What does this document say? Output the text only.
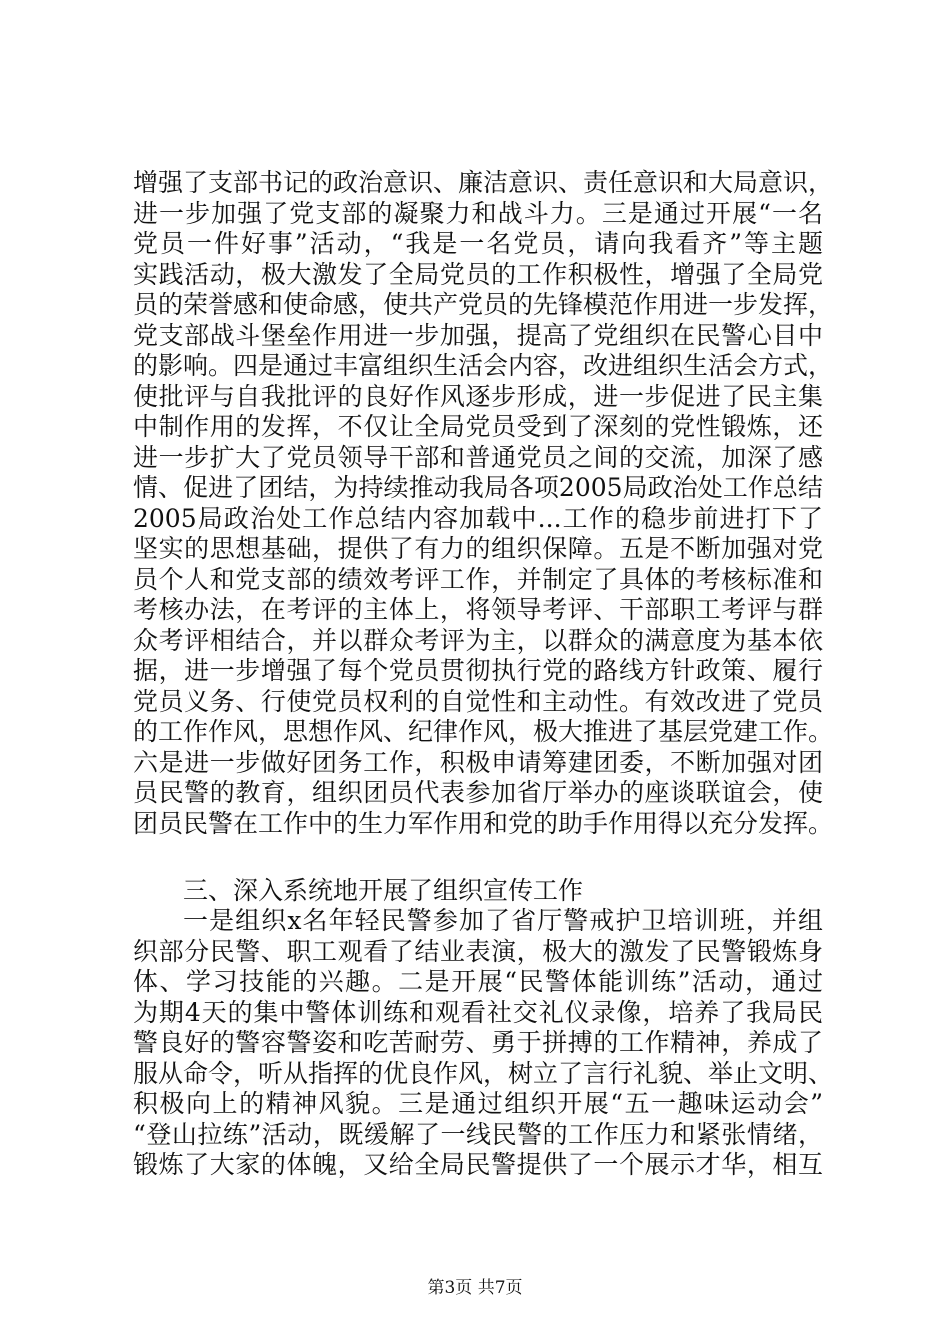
增强了支部书记的政治意识、廉洁意识、责任意识和大局意识，
进一步加强了党支部的凝聚力和战斗力。三是通过开展“一名
党员一件好事”活动，“我是一名党员，请向我看齐”等主题
实践活动，极大激发了全局党员的工作积极性，增强了全局党
员的荣誉感和使命感，使共产党员的先锋模范作用进一步发挥，
党支部战斗堡垒作用进一步加强，提高了党组织在民警心目中
的影响。四是通过丰富组织生活会内容，改进组织生活会方式，
使批评与自我批评的良好作风逐步形成，进一步促进了民主集
中制作用的发挥，不仅让全局党员受到了深刻的党性锻炼，还
进一步扩大了党员领导干部和普通党员之间的交流，加深了感
情、促进了团结，为持续推动我局各项2005局政治处工作总结
2005局政治处工作总结内容加载中...工作的稳步前进打下了
坚实的思想基础，提供了有力的组织保障。五是不断加强对党
员个人和党支部的绩效考评工作，并制定了具体的考核标准和
考核办法，在考评的主体上，将领导考评、干部职工考评与群
众考评相结合，并以群众考评为主，以群众的满意度为基本依
据，进一步增强了每个党员贯彻执行党的路线方针政策、履行
党员义务、行使党员权利的自觉性和主动性。有效改进了党员
的工作作风，思想作风、纪律作风，极大推进了基层党建工作。
六是进一步做好团务工作，积极申请筹建团委，不断加强对团
员民警的教育，组织团员代表参加省厅举办的座谈联谊会，使
团员民警在工作中的生力军作用和党的助手作用得以充分发挥。
三、深入系统地开展了组织宣传工作
一是组织x名年轻民警参加了省厅警戒护卫培训班，并组
织部分民警、职工观看了结业表演，极大的激发了民警锻炼身
体、学习技能的兴趣。二是开展“民警体能训练”活动，通过
为期4天的集中警体训练和观看社交礼仪录像，培养了我局民
警良好的警容警姿和吃苦耐劳、勇于拼搏的工作精神，养成了
服从命令，听从指挥的优良作风，树立了言行礼貌、举止文明、
积极向上的精神风貌。三是通过组织开展“五一趣味运动会”
“登山拉练”活动，既缓解了一线民警的工作压力和紧张情绪，
锻炼了大家的体魄，又给全局民警提供了一个展示才华，相互
第3页 共7页
